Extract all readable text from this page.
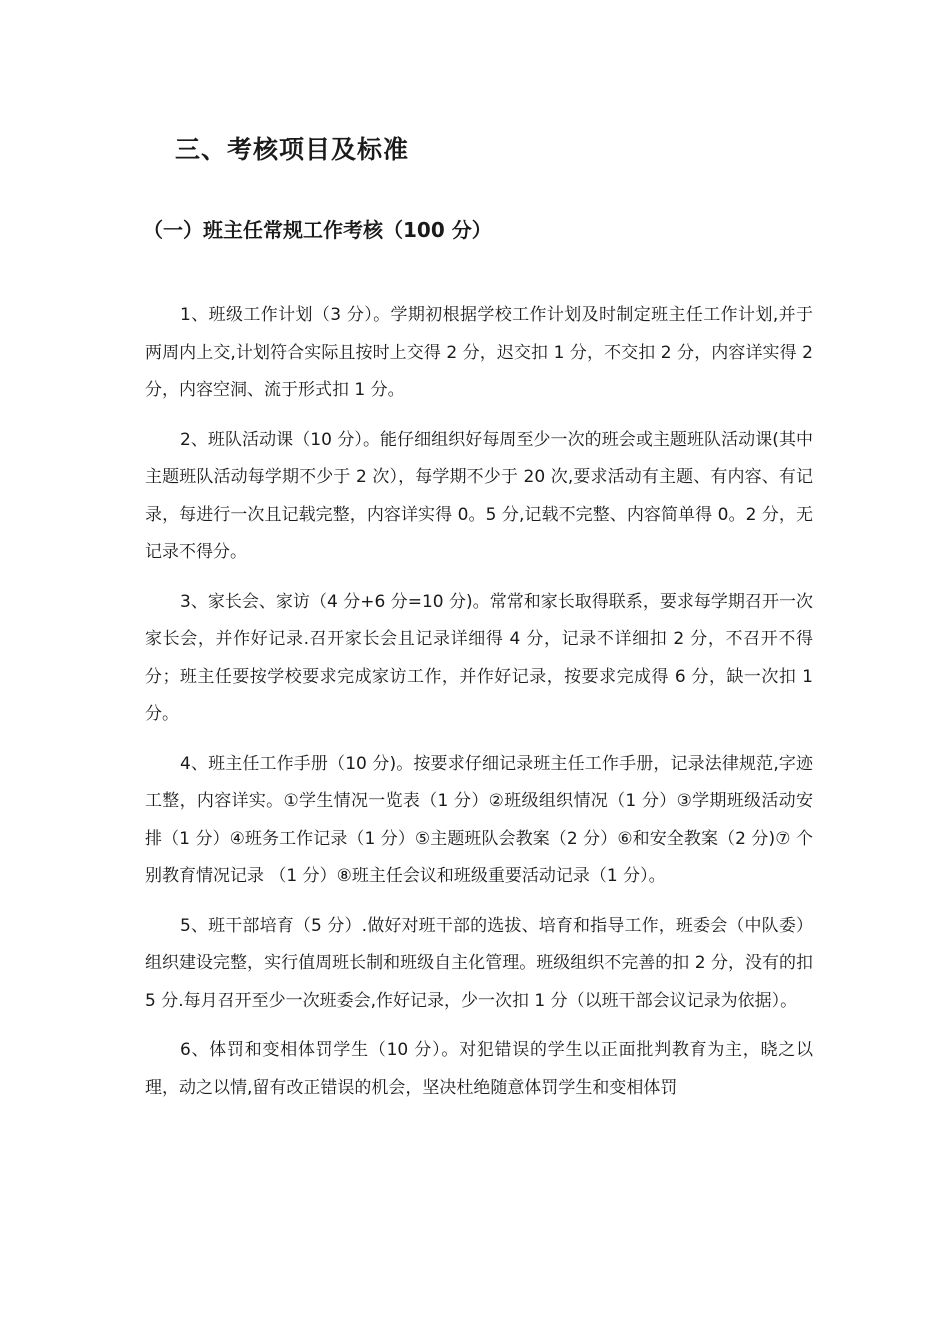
三、考核项目及标准
（一）班主任常规工作考核（100 分）

1、班级工作计划（3 分）。学期初根据学校工作计划及时制定班主任工作计划,并于两周内上交,计划符合实际且按时上交得 2 分，迟交扣 1 分，不交扣 2 分，内容详实得 2 分，内容空洞、流于形式扣 1 分。

2、班队活动课（10 分）。能仔细组织好每周至少一次的班会或主题班队活动课(其中主题班队活动每学期不少于 2 次），每学期不少于 20 次,要求活动有主题、有内容、有记录，每进行一次且记载完整，内容详实得 0。5 分,记载不完整、内容简单得 0。2 分，无记录不得分。

3、家长会、家访（4 分+6 分=10 分)。常常和家长取得联系，要求每学期召开一次家长会，并作好记录.召开家长会且记录详细得 4 分，记录不详细扣 2 分，不召开不得分；班主任要按学校要求完成家访工作，并作好记录，按要求完成得 6 分，缺一次扣 1 分。

4、班主任工作手册（10 分)。按要求仔细记录班主任工作手册，记录法律规范,字迹工整，内容详实。①学生情况一览表（1 分）②班级组织情况（1 分）③学期班级活动安排（1 分）④班务工作记录（1 分）⑤主题班队会教案（2 分）⑥和安全教案（2 分)⑦ 个别教育情况记录 （1 分）⑧班主任会议和班级重要活动记录（1 分）。

5、班干部培育（5 分）.做好对班干部的选拔、培育和指导工作，班委会（中队委）组织建设完整，实行值周班长制和班级自主化管理。班级组织不完善的扣 2 分，没有的扣 5 分.每月召开至少一次班委会,作好记录，少一次扣 1 分（以班干部会议记录为依据）。

6、体罚和变相体罚学生（10 分）。对犯错误的学生以正面批判教育为主，晓之以理，动之以情,留有改正错误的机会，坚决杜绝随意体罚学生和变相体罚
